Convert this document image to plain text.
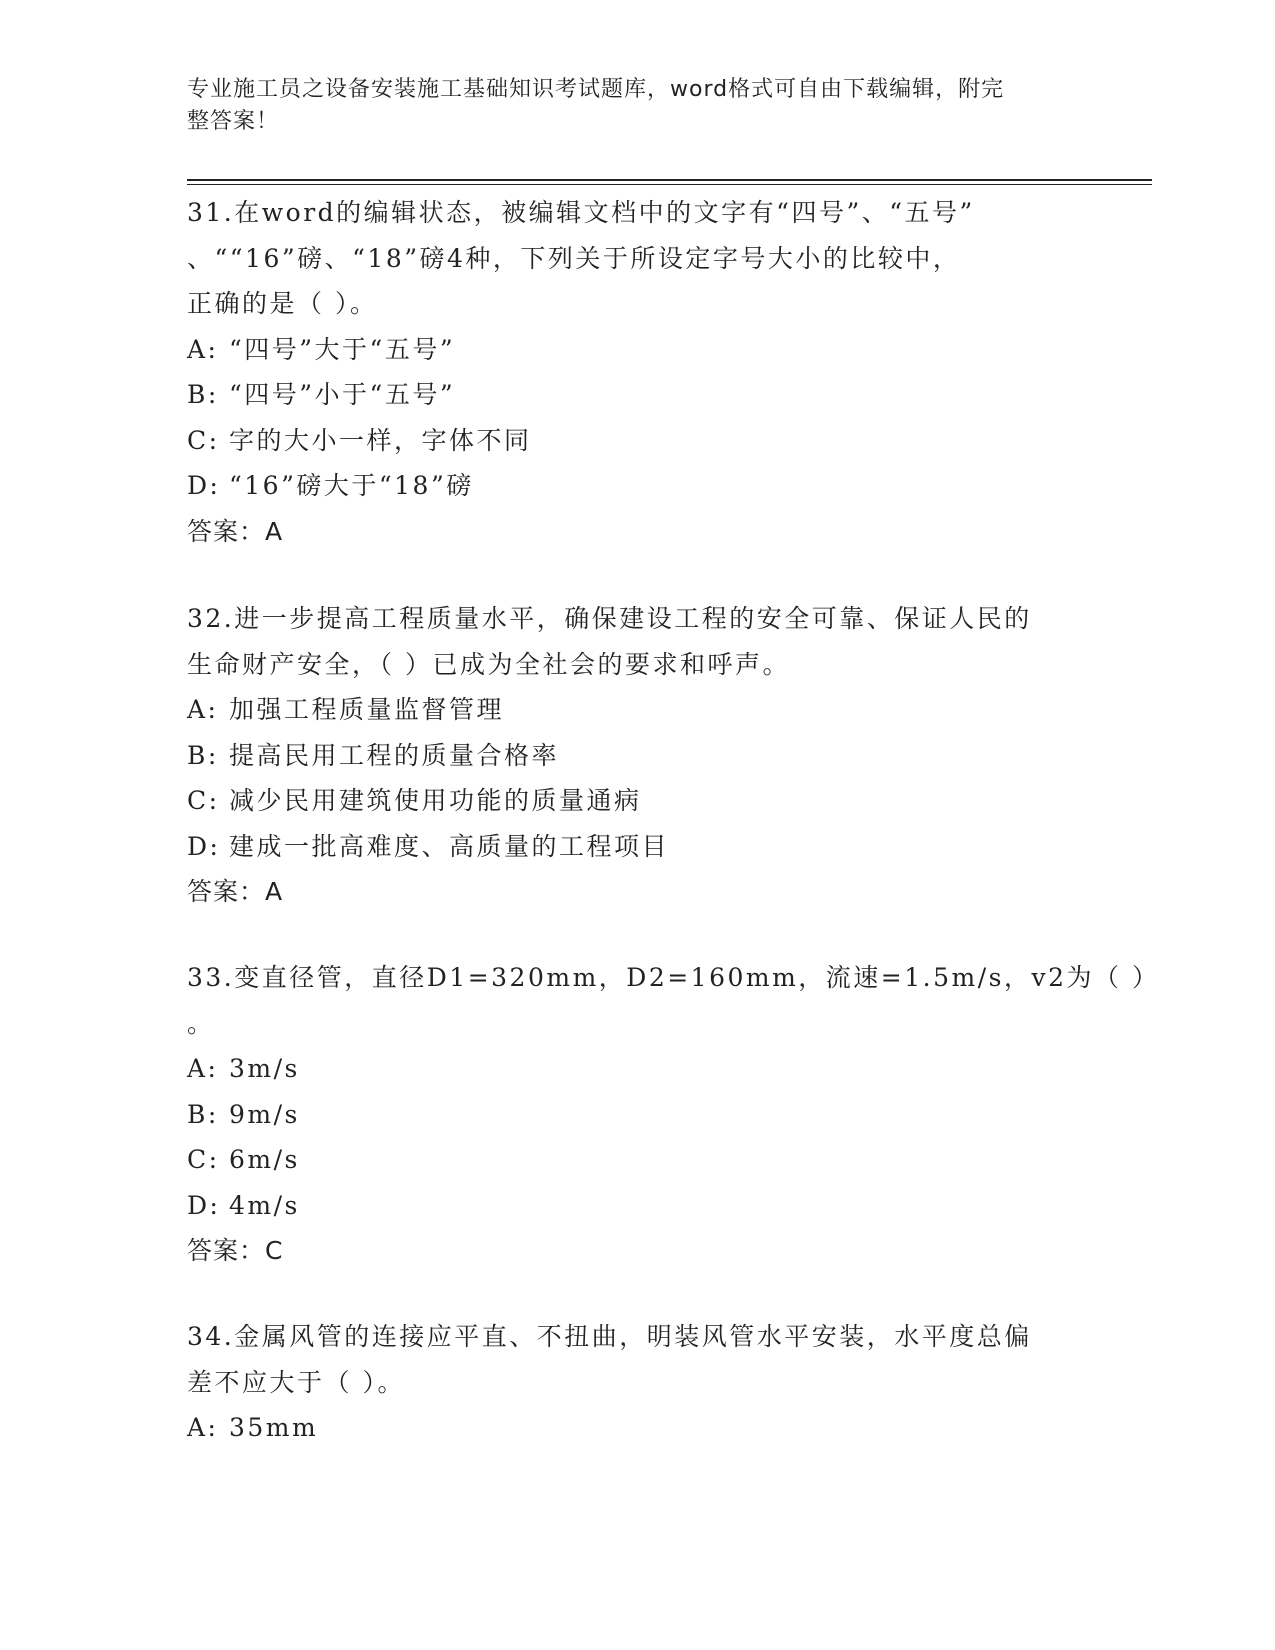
专业施工员之设备安装施工基础知识考试题库，word格式可自由下载编辑，附完
整答案！
31.在word的编辑状态，被编辑文档中的文字有“四号”、“五号”
、““16”磅、“18”磅4种，下列关于所设定字号大小的比较中，
正确的是（ ）。
A: “四号”大于“五号”
B: “四号”小于“五号”
C: 字的大小一样，字体不同
D: “16”磅大于“18”磅
答案：A
32.进一步提高工程质量水平，确保建设工程的安全可靠、保证人民的
生命财产安全，（ ）已成为全社会的要求和呼声。
A: 加强工程质量监督管理
B: 提高民用工程的质量合格率
C: 减少民用建筑使用功能的质量通病
D: 建成一批高难度、高质量的工程项目
答案：A
33.变直径管，直径D1=320mm，D2=160mm，流速=1.5m/s，v2为（ ）
。
A: 3m/s
B: 9m/s
C: 6m/s
D: 4m/s
答案：C
34.金属风管的连接应平直、不扭曲，明装风管水平安装，水平度总偏
差不应大于（ ）。
A: 35mm
